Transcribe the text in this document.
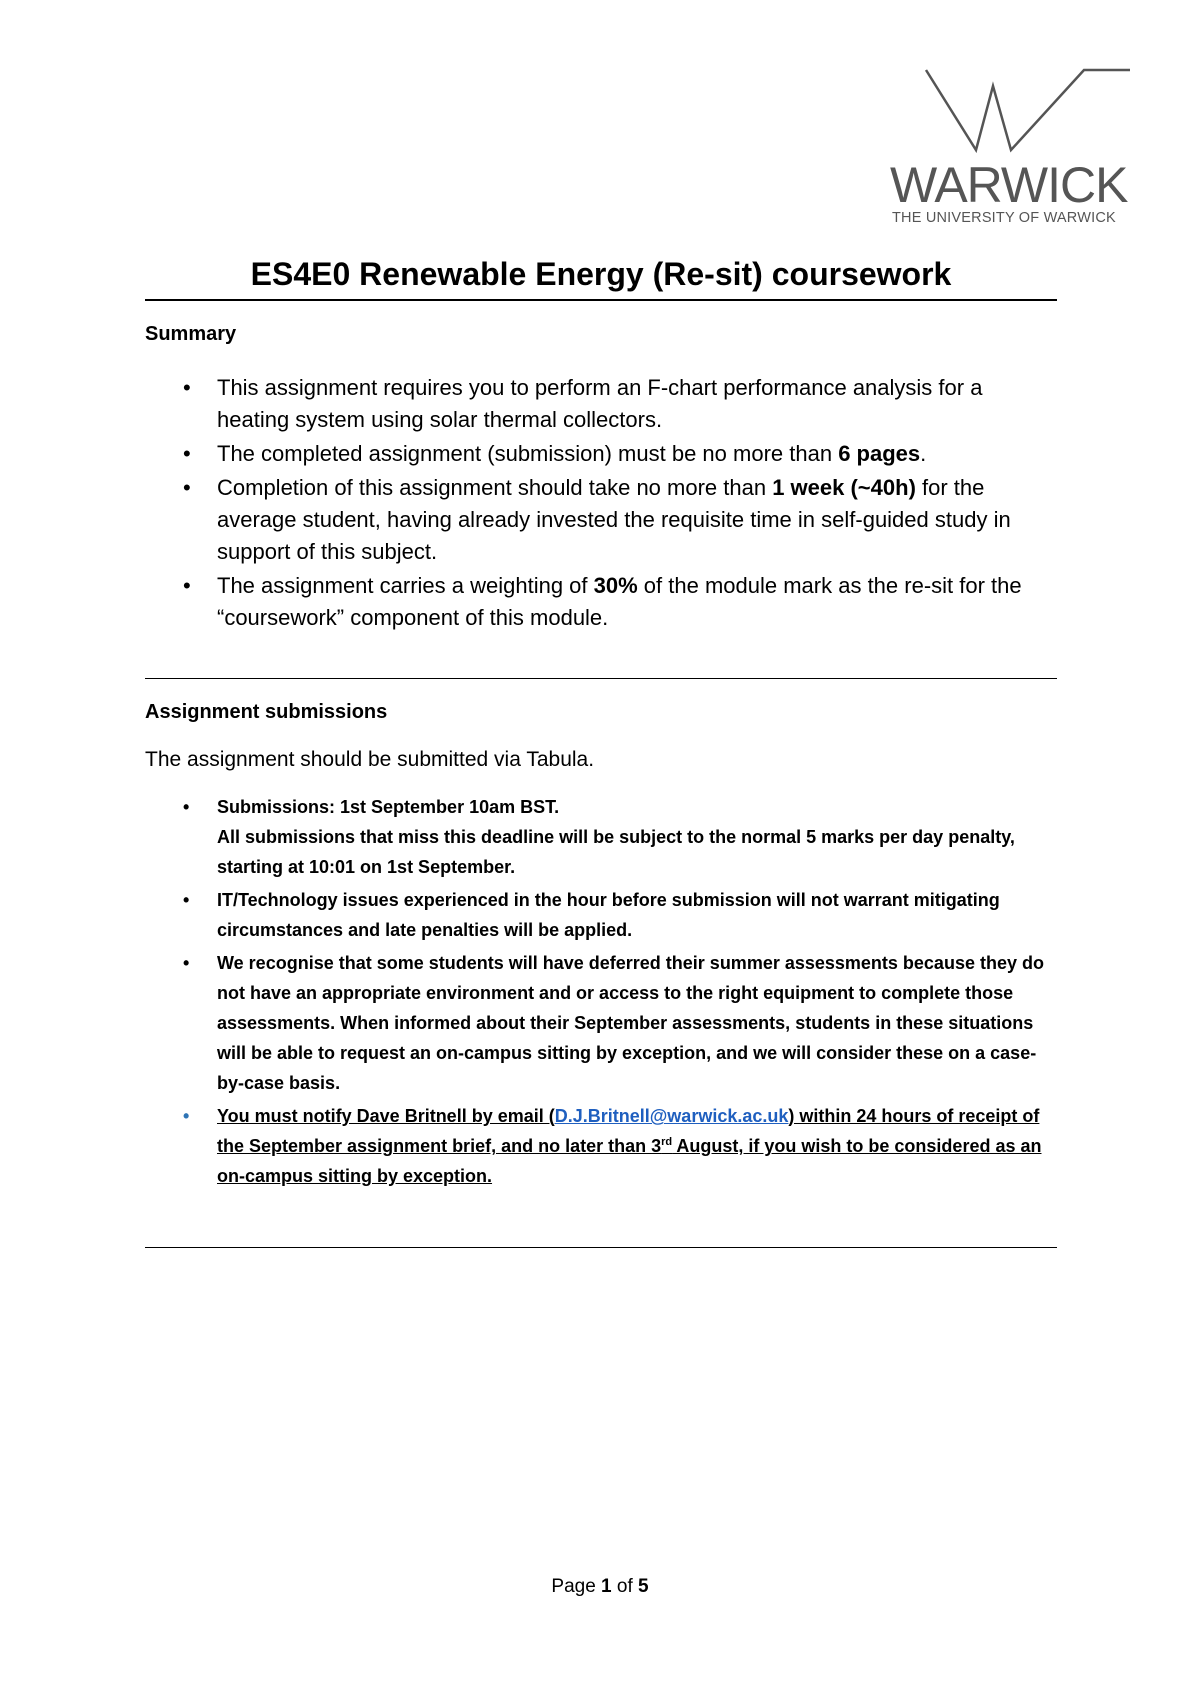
WARWICK
THE UNIVERSITY OF WARWICK
ES4E0 Renewable Energy (Re-sit) coursework
Summary
• This assignment requires you to perform an F-chart performance analysis for a heating system using solar thermal collectors.
• The completed assignment (submission) must be no more than 6 pages.
• Completion of this assignment should take no more than 1 week (~40h) for the average student, having already invested the requisite time in self-guided study in support of this subject.
• The assignment carries a weighting of 30% of the module mark as the re-sit for the “coursework” component of this module.
Assignment submissions
The assignment should be submitted via Tabula.
• Submissions: 1st September 10am BST.
All submissions that miss this deadline will be subject to the normal 5 marks per day penalty, starting at 10:01 on 1st September.
• IT/Technology issues experienced in the hour before submission will not warrant mitigating circumstances and late penalties will be applied.
• We recognise that some students will have deferred their summer assessments because they do not have an appropriate environment and or access to the right equipment to complete those assessments. When informed about their September assessments, students in these situations will be able to request an on-campus sitting by exception, and we will consider these on a case-by-case basis.
• You must notify Dave Britnell by email (D.J.Britnell@warwick.ac.uk) within 24 hours of receipt of the September assignment brief, and no later than 3rd August, if you wish to be considered as an on-campus sitting by exception.
Page 1 of 5
